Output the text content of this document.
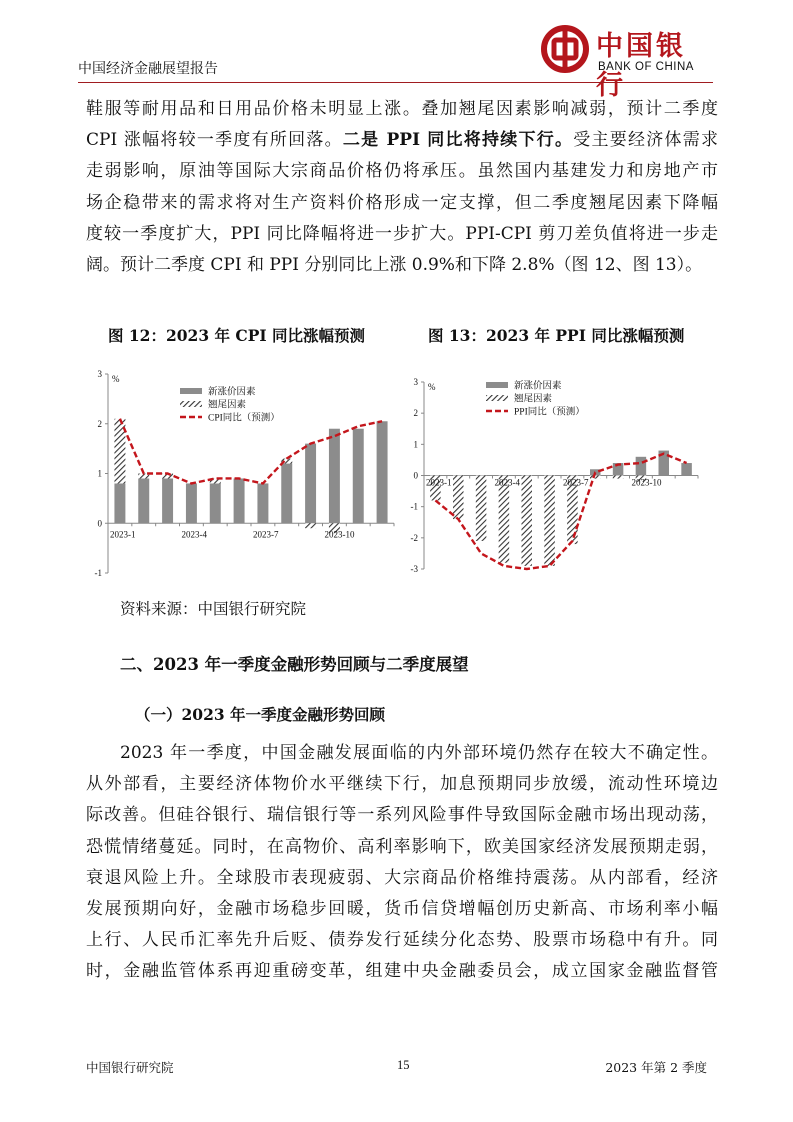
中国经济金融展望报告
中国银行
BANK OF CHINA
鞋服等耐用品和日用品价格未明显上涨。叠加翘尾因素影响减弱，预计二季度
CPI 涨幅将较一季度有所回落。二是 PPI 同比将持续下行。受主要经济体需求
走弱影响，原油等国际大宗商品价格仍将承压。虽然国内基建发力和房地产市
场企稳带来的需求将对生产资料价格形成一定支撑，但二季度翘尾因素下降幅
度较一季度扩大，PPI 同比降幅将进一步扩大。PPI-CPI 剪刀差负值将进一步走
阔。预计二季度 CPI 和 PPI 分别同比上涨 0.9%和下降 2.8%（图 12、图 13）。
图 12：2023 年 CPI 同比涨幅预测	图 13：2023 年 PPI 同比涨幅预测
-1
0
1
2
3 %
2023-1	2023-4	2023-7	2023-10
新涨价因素
翘尾因素
CPI同比（预测）
-3
-2
-1
0
1
2
3 %
2023-1	2023-4	2023-7	2023-10
新涨价因素
翘尾因素
PPI同比（预测）
资料来源：中国银行研究院
二、2023 年一季度金融形势回顾与二季度展望
（一）2023 年一季度金融形势回顾
2023 年一季度，中国金融发展面临的内外部环境仍然存在较大不确定性。
从外部看，主要经济体物价水平继续下行，加息预期同步放缓，流动性环境边
际改善。但硅谷银行、瑞信银行等一系列风险事件导致国际金融市场出现动荡，
恐慌情绪蔓延。同时，在高物价、高利率影响下，欧美国家经济发展预期走弱，
衰退风险上升。全球股市表现疲弱、大宗商品价格维持震荡。从内部看，经济
发展预期向好，金融市场稳步回暖，货币信贷增幅创历史新高、市场利率小幅
上行、人民币汇率先升后贬、债券发行延续分化态势、股票市场稳中有升。同
时，金融监管体系再迎重磅变革，组建中央金融委员会，成立国家金融监督管
中国银行研究院	15	2023 年第 2 季度
